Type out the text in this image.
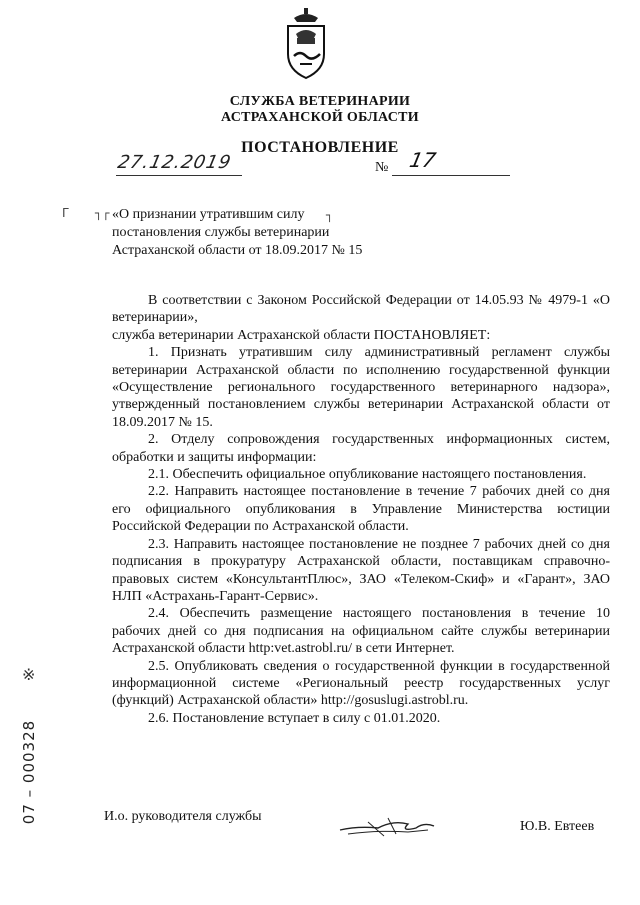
СЛУЖБА ВЕТЕРИНАРИИ
АСТРАХАНСКОЙ ОБЛАСТИ
ПОСТАНОВЛЕНИЕ
27.12.2019	№ 17
Г ┐┌	┐
«О признании утратившим силу
постановления службы ветеринарии
Астраханской области от 18.09.2017 № 15

В соответствии с Законом Российской Федерации от 14.05.93 № 4979-1 «О ветеринарии»,

служба ветеринарии Астраханской области ПОСТАНОВЛЯЕТ:

1. Признать утратившим силу административный регламент службы ветеринарии Астраханской области по исполнению государственной функции «Осуществление регионального государственного ветеринарного надзора», утвержденный постановлением службы ветеринарии Астраханской области от 18.09.2017 № 15.

2. Отделу сопровождения государственных информационных систем, обработки и защиты информации:

2.1. Обеспечить официальное опубликование настоящего постановления.

2.2. Направить настоящее постановление в течение 7 рабочих дней со дня его официального опубликования в Управление Министерства юстиции Российской Федерации по Астраханской области.

2.3. Направить настоящее постановление не позднее 7 рабочих дней со дня подписания в прокуратуру Астраханской области, поставщикам справочно-правовых систем «КонсультантПлюс», ЗАО «Телеком-Скиф» и «Гарант», ЗАО НЛП «Астрахань-Гарант-Сервис».

2.4. Обеспечить размещение настоящего постановления в течение 10 рабочих дней со дня подписания на официальном сайте службы ветеринарии Астраханской области http:vet.astrobl.ru/ в сети Интернет.

2.5. Опубликовать сведения о государственной функции в государственной информационной системе «Региональный реестр государственных услуг (функций) Астраханской области» http://gosuslugi.astrobl.ru.

2.6. Постановление вступает в силу с 01.01.2020.

※
07 – 000328	И.о. руководителя службы
Ю.В. Евтеев
